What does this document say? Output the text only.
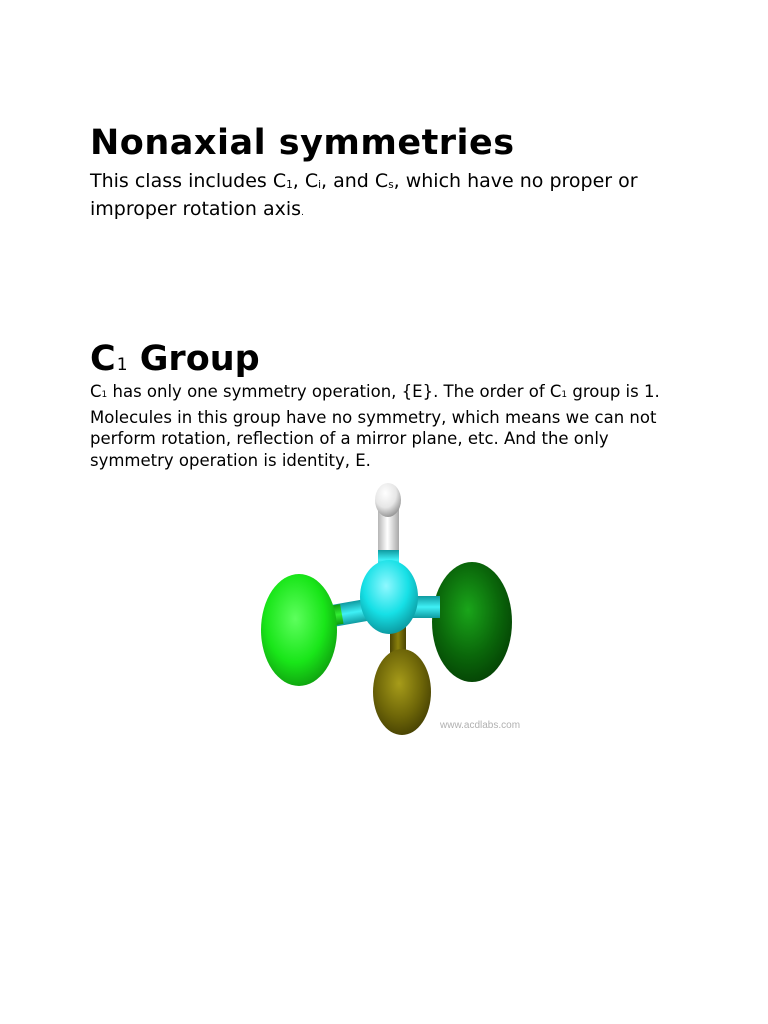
Nonaxial symmetries

This class includes C1, Ci, and Cs, which have no proper or improper rotation axis.

C1 Group

C1 has only one symmetry operation, {E}. The order of C1 group is 1. Molecules in this group have no symmetry, which means we can not perform rotation, reflection of a mirror plane, etc. And the only symmetry operation is identity, E.

www.acdlabs.com
